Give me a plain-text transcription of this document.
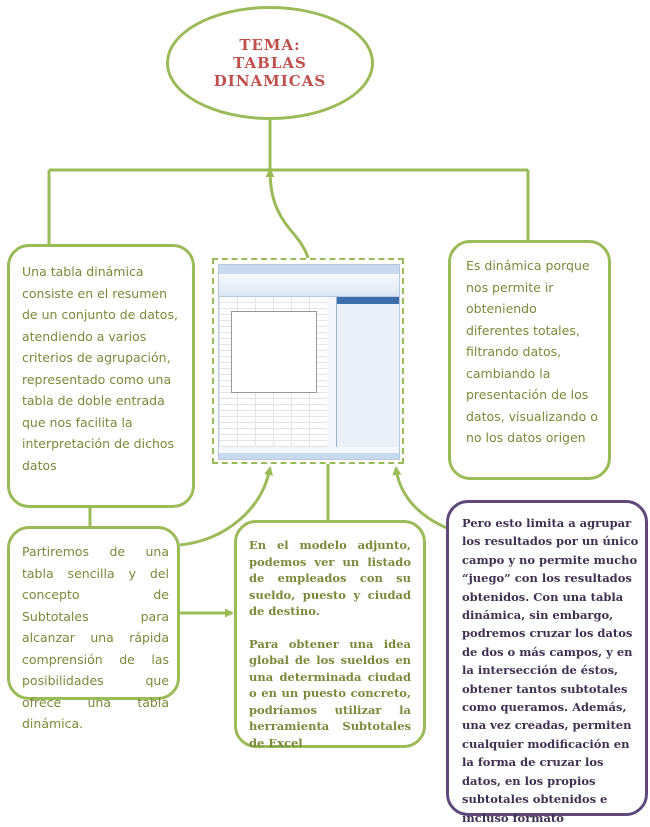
TEMA:
TABLAS
DINAMICAS
Una tabla dinámica consiste en el resumen de un conjunto de datos, atendiendo a varios criterios de agrupación, representado como una tabla de doble entrada que nos facilita la interpretación de dichos datos
Es dinámica porque nos permite ir obteniendo diferentes totales, filtrando datos, cambiando la presentación de los datos, visualizando o no los datos origen
Partiremos de una tabla sencilla y del concepto de Subtotales para alcanzar una rápida comprensión de las posibilidades que ofrece una tabla dinámica.

En el modelo adjunto, podemos ver un listado de empleados con su sueldo, puesto y ciudad de destino.

Para obtener una idea global de los sueldos en una determinada ciudad o en un puesto concreto, podríamos utilizar la herramienta Subtotales de Excel

Pero esto limita a agrupar los resultados por un único campo y no permite mucho “juego” con los resultados obtenidos. Con una tabla dinámica, sin embargo, podremos cruzar los datos de dos o más campos, y en la intersección de éstos, obtener tantos subtotales como queramos. Además, una vez creadas, permiten cualquier modificación en la forma de cruzar los datos, en los propios subtotales obtenidos e incluso formato
